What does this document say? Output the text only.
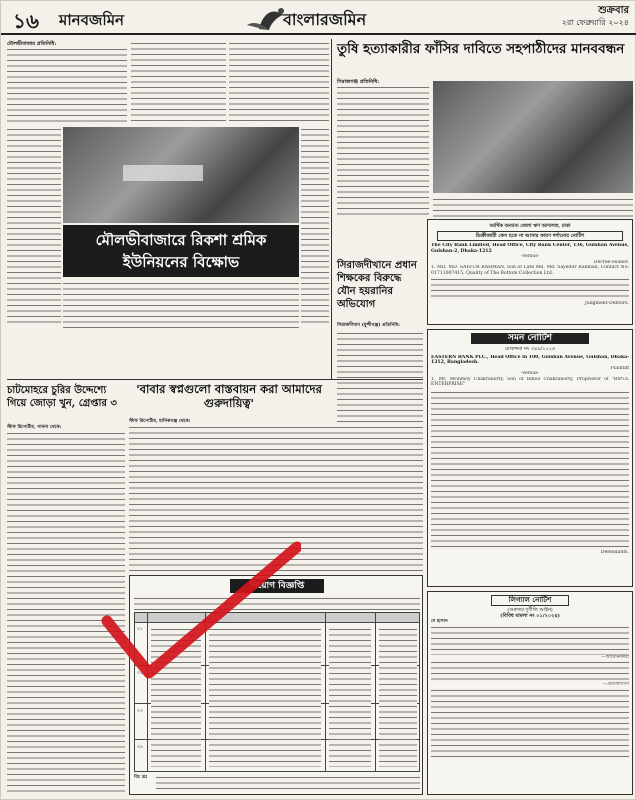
১৬ মানবজমিন	বাংলারজমিন	শুক্রবার
২রা ফেব্রুয়ারি ২০২৪
মৌলভীবাজার প্রতিনিধি:
মৌলভীবাজারে রিকশা শ্রমিক ইউনিয়নের বিক্ষোভ
তুষি হত্যাকারীর ফাঁসির দাবিতে সহপাঠীদের মানববন্ধন
সিরাজগঞ্জ প্রতিনিধি:
সিরাজদীখানে প্রধান শিক্ষকের বিরুদ্ধে যৌন হয়রানির অভিযোগ
সিরাজদীখান (মুন্সীগঞ্জ) প্রতিনিধি:
আর্থিক অন্যান্য জেলা ঋণ আদালত, ঢাকা
ডিক্রীজারী কেস হতে না আসার কারণ দর্শানোর নোটিশ
The City Bank Limited, Head Office, City Bank Center, 136, Gulshan Avenue, Gulshan-2, Dhaka-1212
-Versus-
Decree-Holder.
1. MD. MD. SAYFUR RAHMAN, Son of Late Md. Md. Sayedur Rahman, Contact No: 01711007415, Quality of The Bottom Collection Ltd.
Judgment-Debtors.
সমন নোটিশ
মোকদ্দমা নং ৩৪৯/২০২৪
EASTERN BANK PLC., Head Office in 100, Gulshan Avenue, Gulshan, Dhaka-1212, Bangladesh.
Plaintiff
-Versus-
1. Mr. Mrinmoy Chakraborty, Son of Bimol Chakraborty, Proprietor of "BIPUL ENTERPRISE"
Defendants.
লিগ্যাল নোটিশ
(গুরুতর দুর্ণীতি আইন)
(বিবিধ মামলা নং ০১/২০২৪)
দে হাসান
—আবেদনকারী
—প্রতিবাদীগণ
চাটমোহরে চুরির উদ্দেশ্যে গিয়ে জোড়া খুন, গ্রেপ্তার ৩
স্টাফ রিপোর্টার, পাবনা থেকে:
'বাবার স্বপ্নগুলো বাস্তবায়ন করা আমাদের গুরুদায়িত্ব'
স্টাফ রিপোর্টার, মানিকগঞ্জ থেকে:
নিয়োগ বিজ্ঞপ্তি
০১
০২
০৩
০৪
বিঃ দ্রঃ
